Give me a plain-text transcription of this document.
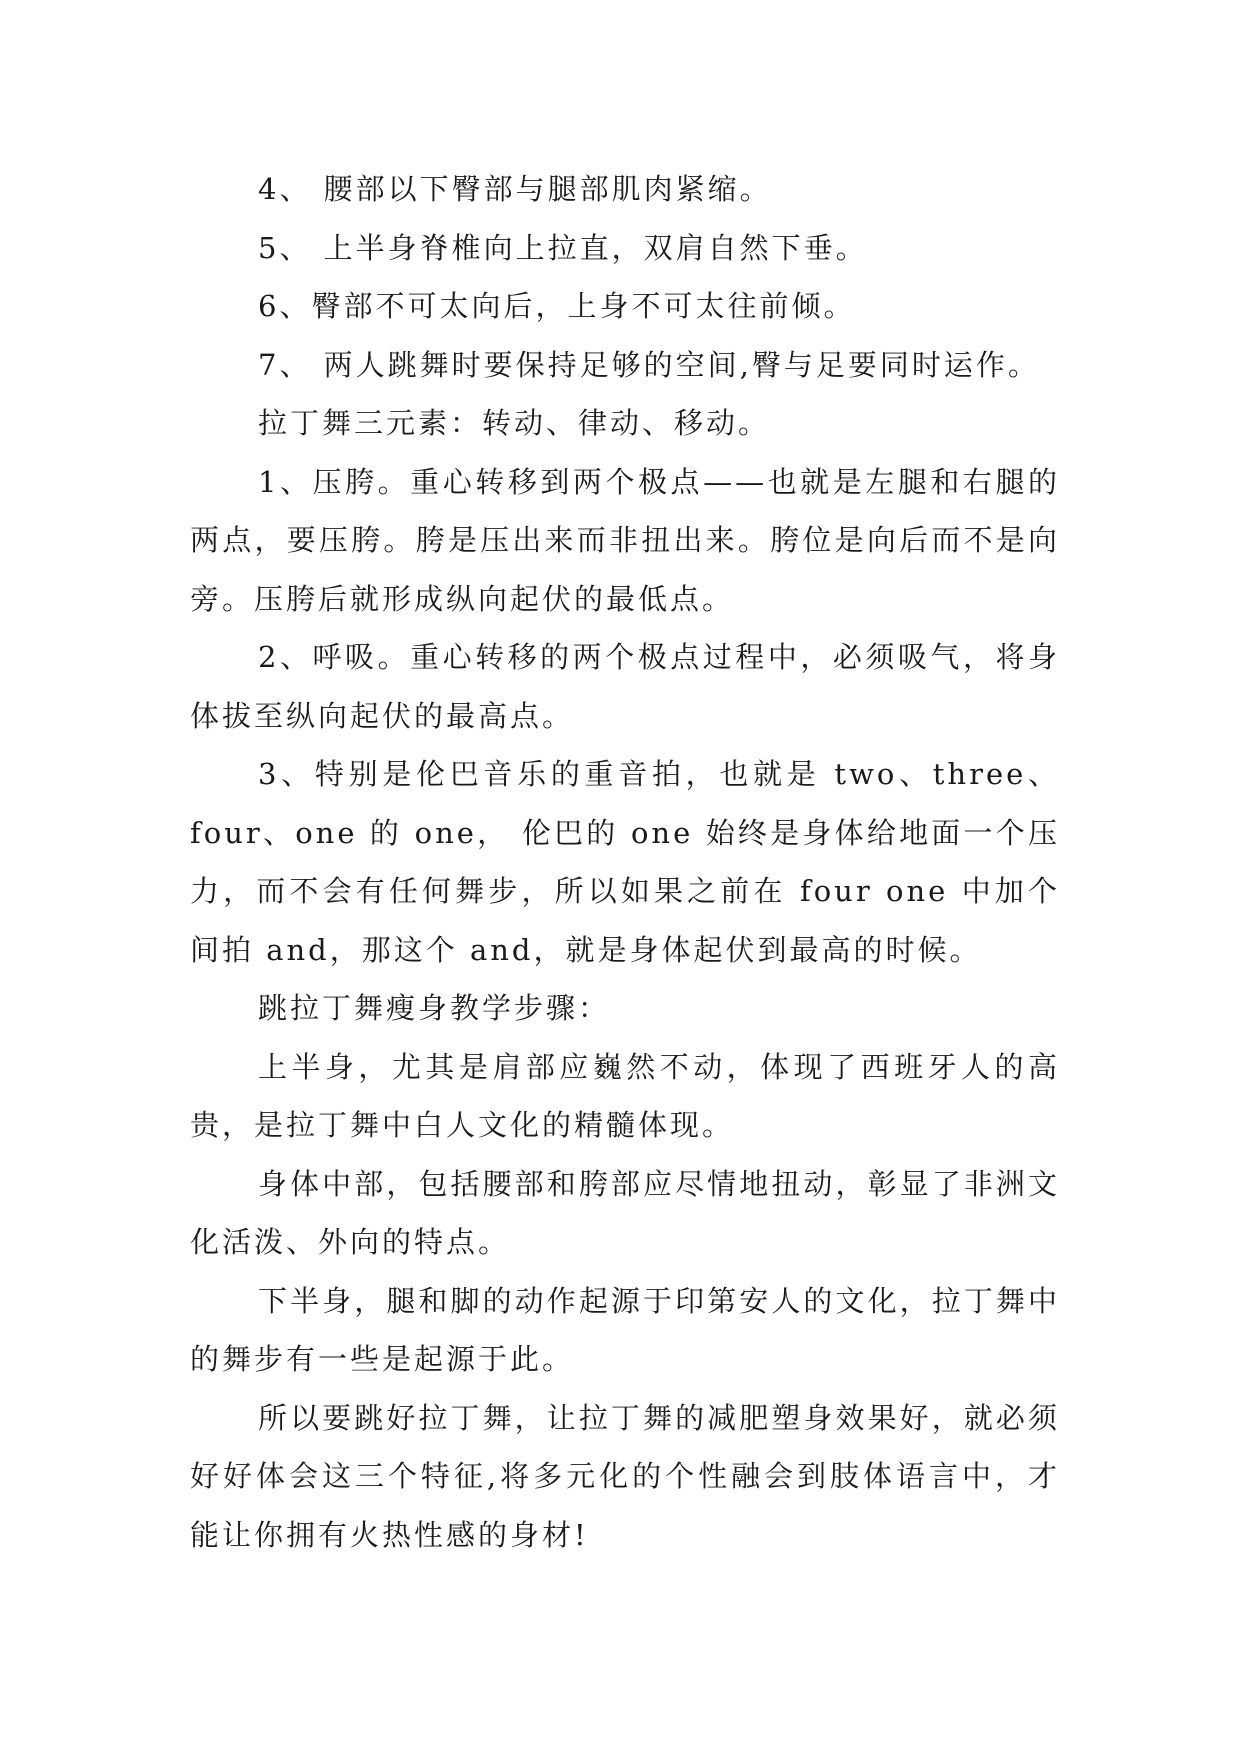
4、 腰部以下臀部与腿部肌肉紧缩。

5、 上半身脊椎向上拉直，双肩自然下垂。

6、臀部不可太向后，上身不可太往前倾。

7、 两人跳舞时要保持足够的空间,臀与足要同时运作。

拉丁舞三元素：转动、律动、移动。

1、压胯。重心转移到两个极点——也就是左腿和右腿的两点，要压胯。胯是压出来而非扭出来。胯位是向后而不是向旁。压胯后就形成纵向起伏的最低点。

2、呼吸。重心转移的两个极点过程中，必须吸气，将身体拔至纵向起伏的最高点。

3、特别是伦巴音乐的重音拍，也就是 two、three、four、one 的 one， 伦巴的 one 始终是身体给地面一个压力，而不会有任何舞步，所以如果之前在 four one 中加个间拍 and，那这个 and，就是身体起伏到最高的时候。

跳拉丁舞瘦身教学步骤：

上半身，尤其是肩部应巍然不动，体现了西班牙人的高贵，是拉丁舞中白人文化的精髓体现。

身体中部，包括腰部和胯部应尽情地扭动，彰显了非洲文化活泼、外向的特点。

下半身，腿和脚的动作起源于印第安人的文化，拉丁舞中的舞步有一些是起源于此。

所以要跳好拉丁舞，让拉丁舞的减肥塑身效果好，就必须好好体会这三个特征,将多元化的个性融会到肢体语言中，才能让你拥有火热性感的身材!
